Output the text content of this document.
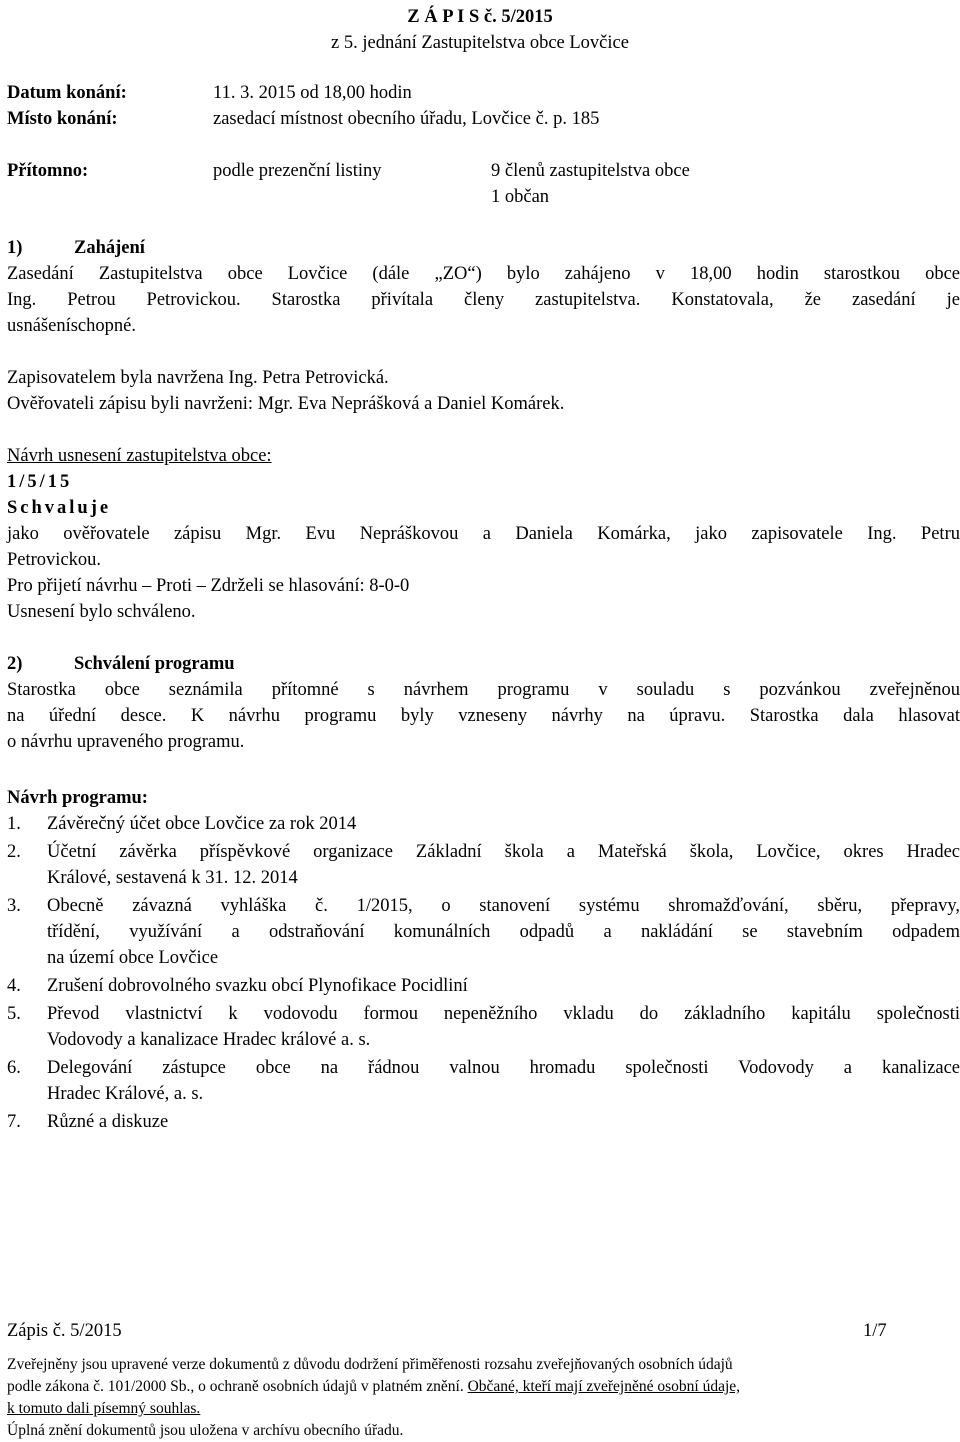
Z Á P I S č. 5/2015
z 5. jednání Zastupitelstva obce Lovčice
Datum konání:	11. 3. 2015 od 18,00 hodin
Místo konání:	zasedací místnost obecního úřadu, Lovčice č. p. 185
Přítomno:	podle prezenční listiny	9 členů zastupitelstva obce
1 občan
1)	Zahájení
Zasedání Zastupitelstva obce Lovčice (dále „ZO“) bylo zahájeno v 18,00 hodin starostkou obce
Ing. Petrou Petrovickou. Starostka přivítala členy zastupitelstva. Konstatovala, že zasedání je
usnášeníschopné.
Zapisovatelem byla navržena Ing. Petra Petrovická.
Ověřovateli zápisu byli navrženi: Mgr. Eva Neprášková a Daniel Komárek.
Návrh usnesení zastupitelstva obce:
1/5/15
Schvaluje
jako ověřovatele zápisu Mgr. Evu Nepráškovou a Daniela Komárka, jako zapisovatele Ing. Petru
Petrovickou.
Pro přijetí návrhu – Proti – Zdrželi se hlasování: 8-0-0
Usnesení bylo schváleno.
2)	Schválení programu
Starostka obce seznámila přítomné s návrhem programu v souladu s pozvánkou zveřejněnou
na úřední desce. K návrhu programu byly vzneseny návrhy na úpravu. Starostka dala hlasovat
o návrhu upraveného programu.
Návrh programu:
1. Závěrečný účet obce Lovčice za rok 2014
2. Účetní závěrka příspěvkové organizace Základní škola a Mateřská škola, Lovčice, okres Hradec
Králové, sestavená k 31. 12. 2014
3. Obecně závazná vyhláška č. 1/2015, o stanovení systému shromažďování, sběru, přepravy,
třídění, využívání a odstraňování komunálních odpadů a nakládání se stavebním odpadem
na území obce Lovčice
4. Zrušení dobrovolného svazku obcí Plynofikace Pocidliní
5. Převod vlastnictví k vodovodu formou nepeněžního vkladu do základního kapitálu společnosti
Vodovody a kanalizace Hradec králové a. s.
6. Delegování zástupce obce na řádnou valnou hromadu společnosti Vodovody a kanalizace
Hradec Králové, a. s.
7. Různé a diskuze
Zápis č. 5/2015	1/7
Zveřejněny jsou upravené verze dokumentů z důvodu dodržení přiměřenosti rozsahu zveřejňovaných osobních údajů
podle zákona č. 101/2000 Sb., o ochraně osobních údajů v platném znění. Občané, kteří mají zveřejněné osobní údaje,
k tomuto dali písemný souhlas.
Úplná znění dokumentů jsou uložena v archívu obecního úřadu.
